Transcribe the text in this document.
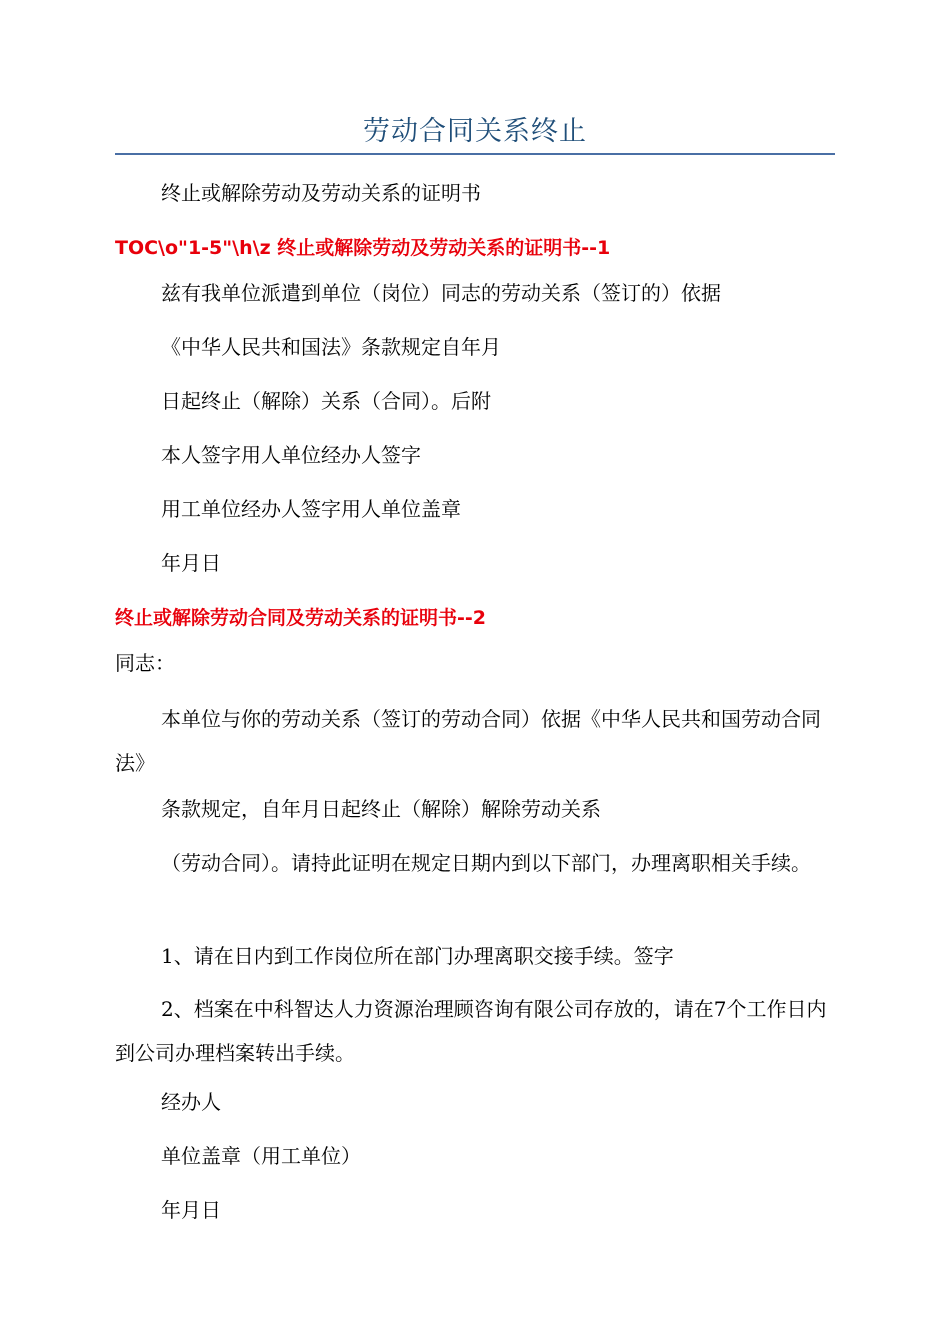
劳动合同关系终止
终止或解除劳动及劳动关系的证明书
TOC\o"1-5"\h\z 终止或解除劳动及劳动关系的证明书--1
兹有我单位派遣到单位（岗位）同志的劳动关系（签订的）依据
《中华人民共和国法》条款规定自年月
日起终止（解除）关系（合同）。后附
本人签字用人单位经办人签字
用工单位经办人签字用人单位盖章
年月日
终止或解除劳动合同及劳动关系的证明书--2
同志：
本单位与你的劳动关系（签订的劳动合同）依据《中华人民共和国劳动合同法》
条款规定，自年月日起终止（解除）解除劳动关系
（劳动合同）。请持此证明在规定日期内到以下部门，办理离职相关手续。
1、请在日内到工作岗位所在部门办理离职交接手续。签字
2、档案在中科智达人力资源治理顾咨询有限公司存放的，请在7个工作日内到公司办理档案转出手续。
经办人
单位盖章（用工单位）
年月日
